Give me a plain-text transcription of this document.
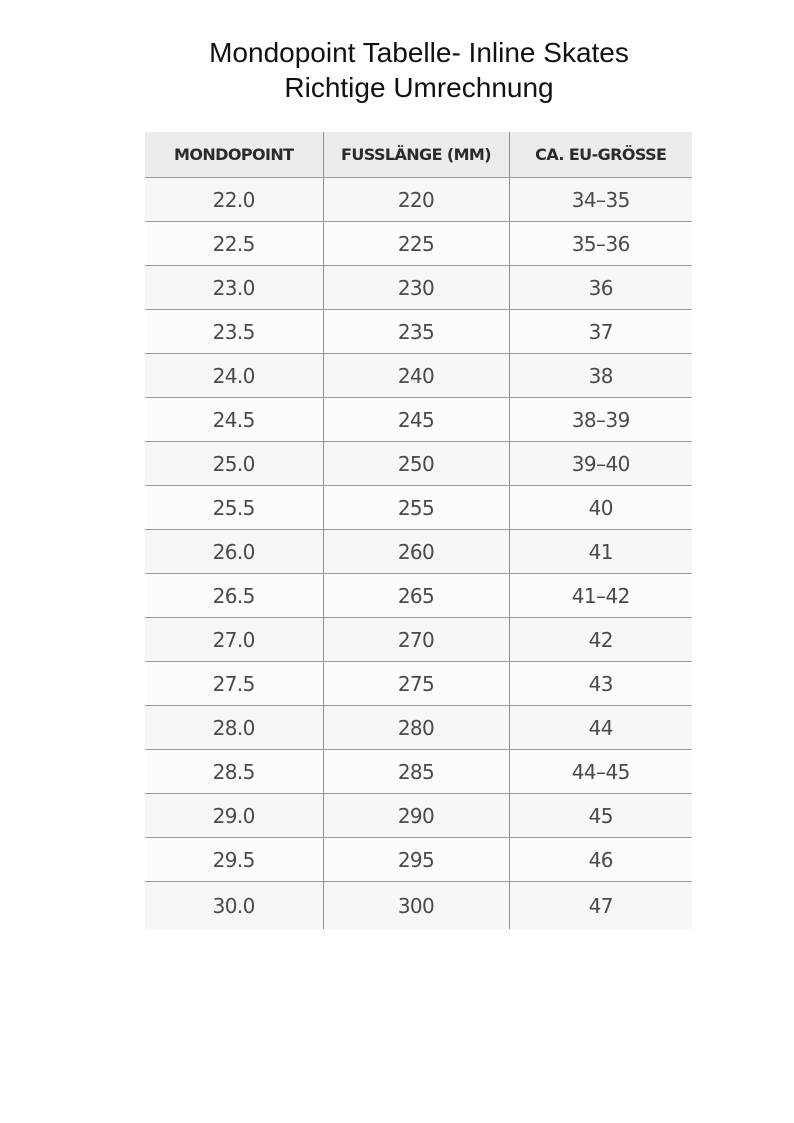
Mondopoint Tabelle- Inline Skates
Richtige Umrechnung
MONDOPOINT	FUSSLÄNGE (MM)	CA. EU-GRÖSSE
22.0	220	34–35
22.5	225	35–36
23.0	230	36
23.5	235	37
24.0	240	38
24.5	245	38–39
25.0	250	39–40
25.5	255	40
26.0	260	41
26.5	265	41–42
27.0	270	42
27.5	275	43
28.0	280	44
28.5	285	44–45
29.0	290	45
29.5	295	46
30.0	300	47
